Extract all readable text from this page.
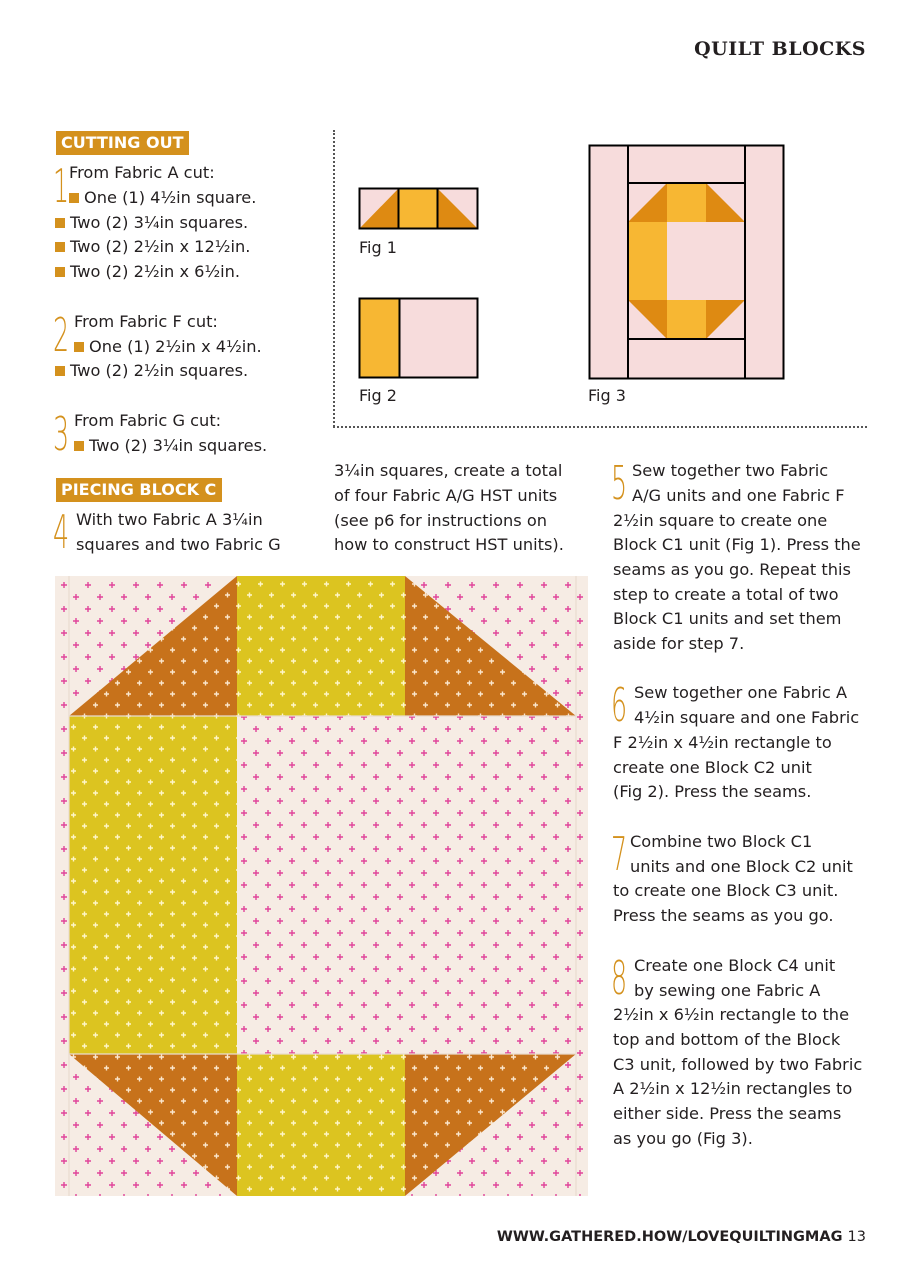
QUILT BLOCKS
CUTTING OUT
1 From Fabric A cut:
One (1) 4½in square.
Two (2) 3¼in squares.
Two (2) 2½in x 12½in.
Two (2) 2½in x 6½in.
2 From Fabric F cut:
One (1) 2½in x 4½in.
Two (2) 2½in squares.
3 From Fabric G cut:
Two (2) 3¼in squares.
PIECING BLOCK C
4 With two Fabric A 3¼in
squares and two Fabric G
3¼in squares, create a total
of four Fabric A/G HST units
(see p6 for instructions on
how to construct HST units).
5 Sew together two Fabric
A/G units and one Fabric F
2½in square to create one
Block C1 unit (Fig 1). Press the
seams as you go. Repeat this
step to create a total of two
Block C1 units and set them
aside for step 7.
6 Sew together one Fabric A
4½in square and one Fabric
F 2½in x 4½in rectangle to
create one Block C2 unit
(Fig 2). Press the seams.
7 Combine two Block C1
units and one Block C2 unit
to create one Block C3 unit.
Press the seams as you go.
8 Create one Block C4 unit
by sewing one Fabric A
2½in x 6½in rectangle to the
top and bottom of the Block
C3 unit, followed by two Fabric
A 2½in x 12½in rectangles to
either side. Press the seams
as you go (Fig 3).
Fig 1
Fig 2	Fig 3
WWW.GATHERED.HOW/LOVEQUILTINGMAG 13
